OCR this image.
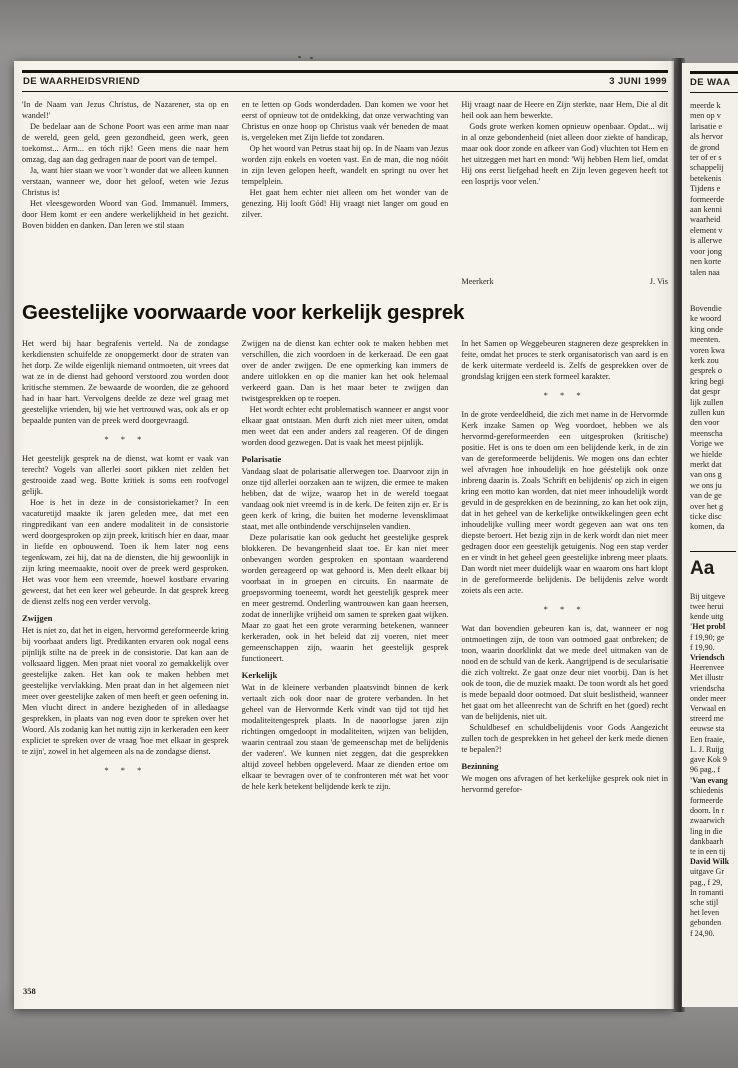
DE WAARHEIDSVRIEND	3 JUNI 1999

'In de Naam van Jezus Christus, de Nazarener, sta op en wandel!'

De bedelaar aan de Schone Poort was een arme man naar de wereld, geen geld, geen gezondheid, geen werk, geen toekomst... Arm... en tóch rijk! Geen mens die naar hem omzag, dag aan dag gedragen naar de poort van de tempel.

Ja, want hier staan we voor 't wonder dat we alleen kunnen verstaan, wanneer we, door het geloof, weten wie Jezus Christus is!

Het vleesgeworden Woord van God. Immanuël. Immers, door Hem komt er een andere werkelijkheid in het gezicht. Boven bidden en danken. Dan leren we stil staan

en te letten op Gods wonderdaden. Dan komen we voor het eerst of opnieuw tot de ontdekking, dat onze verwachting van Christus en onze hoop op Christus vaak vér beneden de maat is, vergeleken met Zijn liefde tot zondaren.

Op het woord van Petrus staat hij op. In de Naam van Jezus worden zijn enkels en voeten vast. En de man, die nog nóóit in zijn leven gelopen heeft, wandelt en springt nu over het tempelplein.

Het gaat hem echter niet alleen om het wonder van de genezing. Hij looft Gód! Hij vraagt niet langer om goud en zilver.

Hij vraagt naar de Heere en Zijn sterkte, naar Hem, Die al dit heil ook aan hem bewerkte.

Gods grote werken komen opnieuw openbaar. Opdat... wij in al onze gebondenheid (niet alleen door ziekte of handicap, maar ook door zonde en afkeer van God) vluchten tot Hem en het uitzeggen met hart en mond: 'Wij hebben Hem lief, omdat Hij ons eerst liefgehad heeft en Zijn leven gegeven heeft tot een losprijs voor velen.'

Meerkerk	J. Vis
Geestelijke voorwaarde voor kerkelijk gesprek

Het werd bij haar begrafenis verteld. Na de zondagse kerkdiensten schuifelde ze onopgemerkt door de straten van het dorp. Ze wilde eigenlijk niemand ontmoeten, uit vrees dat wat ze in de dienst had gehoord verstoord zou worden door kritische stemmen. Ze bewaarde de woorden, die ze gehoord had in haar hart. Vervolgens deelde ze deze wel graag met geestelijke vrienden, bij wie het vertrouwd was, ook als er op bepaalde punten van de preek werd doorgevraagd.

* * *

Het geestelijk gesprek na de dienst, wat komt er vaak van terecht? Vogels van allerlei soort pikken niet zelden het gestrooide zaad weg. Botte kritiek is soms een roofvogel gelijk.

Hoe is het in deze in de consistoriekamer? In een vacaturetijd maakte ik jaren geleden mee, dat met een ringpredikant van een andere modaliteit in de consistorie werd doorgesproken op zijn preek, kritisch hier en daar, maar in liefde en opbouwend. Toen ik hem later nog eens tegenkwam, zei hij, dat na de diensten, die hij gewoonlijk in zijn kring meemaakte, nooit over de preek werd gesproken. Het was voor hem een vreemde, hoewel kostbare ervaring geweest, dat het een keer wel gebeurde. In dat gesprek kreeg de dienst zelfs nog een verder vervolg.

Zwijgen

Het is niet zo, dat het in eigen, hervormd gereformeerde kring bij voorbaat anders ligt. Predikanten ervaren ook nogal eens pijnlijk stilte na de preek in de consistorie. Dat kan aan de volksaard liggen. Men praat niet vooral zo gemakkelijk over geestelijke zaken. Het kan ook te maken hebben met geestelijke vervlakking. Men praat dan in het algemeen niet meer over geestelijke zaken of men heeft er geen oefening in. Men vlucht direct in andere bezigheden of in alledaagse gesprekken, in plaats van nog even door te spreken over het Woord. Als zodanig kan het nuttig zijn in kerkeraden een keer expliciet te spreken over de vraag 'hoe met elkaar in gesprek te zijn', zowel in het algemeen als na de zondagse dienst.

* * *

Zwijgen na de dienst kan echter ook te maken hebben met verschillen, die zich voordoen in de kerkeraad. De een gaat over de ander zwijgen. De ene opmerking kan immers de andere uitlokken en op die manier kan het ook helemaal verkeerd gaan. Dan is het maar beter te zwijgen dan twistgesprekken op te roepen.

Het wordt echter echt problematisch wanneer er angst voor elkaar gaat ontstaan. Men durft zich niet meer uiten, omdat men weet dat een ander anders zal reageren. Of de dingen worden dood gezwegen. Dat is vaak het meest pijnlijk.

Polarisatie

Vandaag slaat de polarisatie allerwegen toe. Daarvoor zijn in onze tijd allerlei oorzaken aan te wijzen, die ermee te maken hebben, dat de wijze, waarop het in de wereld toegaat vandaag ook niet vreemd is in de kerk. De feiten zijn er. Er is geen kerk of kring, die buiten het moderne levensklimaat staat, met alle ontbindende verschijnselen vandien.

Deze polarisatie kan ook geducht het geestelijke gesprek blokkeren. De bevangenheid slaat toe. Er kan niet meer onbevangen worden gesproken en spontaan waarderend worden gereageerd op wat gehoord is. Men deelt elkaar bij voorbaat in in groepen en circuits. En naarmate de groepsvorming toeneemt, wordt het geestelijk gesprek meer en meer gestremd. Onderling wantrouwen kan gaan heersen, zodat de innerlijke vrijheid om samen te spreken gaat wijken. Maar zo gaat het een grote verarming betekenen, wanneer kerkeraden, ook in het beleid dat zij voeren, niet meer gemeenschappen zijn, waarin het geestelijk gesprek functioneert.

Kerkelijk

Wat in de kleinere verbanden plaatsvindt binnen de kerk vertaalt zich ook door naar de grotere verbanden. In het geheel van de Hervormde Kerk vindt van tijd tot tijd het modaliteitengesprek plaats. In de naoorlogse jaren zijn richtingen omgedoopt in modaliteiten, wijzen van belijden, waarin centraal zou staan 'de gemeenschap met de belijdenis der vaderen'. We kunnen niet zeggen, dat die gesprekken altijd zoveel hebben opgeleverd. Maar ze dienden ertoe om elkaar te bevragen over of te confronteren mét wat het voor de hele kerk betekent belijdende kerk te zijn.

In het Samen op Weggebeuren stagneren deze gesprekken in feite, omdat het proces te sterk organisatorisch van aard is en de kerk uitermate verdeeld is. Zelfs de gesprekken over de grondslag krijgen een sterk formeel karakter.

* * *

In de grote verdeeldheid, die zich met name in de Hervormde Kerk inzake Samen op Weg voordoet, hebben we als hervormd-gereformeerden een uitgesproken (kritische) positie. Het is ons te doen om een belijdende kerk, in de zin van de gereformeerde belijdenis. We mogen ons dan echter wel afvragen hoe inhoudelijk en hoe gééstelijk ook onze inbreng daarin is. Zoals 'Schrift en belijdenis' op zich in eigen kring een motto kan worden, dat niet meer inhoudelijk wordt gevuld in de gesprekken en de bezinning, zo kan het ook zijn, dat in het geheel van de kerkelijke ontwikkelingen geen echt inhoudelijke vulling meer wordt gegeven aan wat ons ten diepste beroert. Het bezig zijn in de kerk wordt dan niet meer gedragen door een geestelijk getuigenis. Nog een stap verder en er vindt in het geheel geen geestelijke inbreng meer plaats. Dan wordt niet meer duidelijk waar en waarom ons hart klopt in de gereformeerde belijdenis. De belijdenis zelve wordt zoiets als een acte.

* * *

Wat dan bovendien gebeuren kan is, dat, wanneer er nog ontmoetingen zijn, de toon van ootmoed gaat ontbreken; de toon, waarin doorklinkt dat we mede deel uitmaken van de nood en de schuld van de kerk. Aangrijpend is de secularisatie die zich voltrekt. Ze gaat onze deur niet voorbij. Dan is het ook de toon, die de muziek maakt. De toon wordt als het goed is mede bepaald door ootmoed. Dat sluit beslistheid, wanneer het gaat om het alleenrecht van de Schrift en het (goed) recht van de belijdenis, niet uit.

Schuldbesef en schuldbelijdenis voor Gods Aangezicht zullen toch de gesprekken in het geheel der kerk mede dienen te bepalen?!

Bezinning

We mogen ons afvragen of het kerkelijke gesprek ook niet in hervormd gerefor-

358
DE WAA

meerde k

men op v

larisatie e

als hervor

de grond

ter of er s

schappelij

betekenis

Tijdens e

formeerde

aan kenni

waarheid

element v

is allerwe

voor jong

nen korte

talen naa

Bovendie

ke woord

king onde

meenten.

voren kwa

kerk zou

gesprek o

kring begi

dat gespr

lijk zullen

zullen kun

den voor

meenscha

Vorige we

we hielde

merkt dat

van ons g

we ons ju

van de ge

over het g

ticke disc

komen, da

Aa

Bij uitgeve

twee herui

kende uitg

'Het probl

f 19,90; ge

f 19,90.

Vriendsch

Heerenvee

Met illustr

vriendscha

onder meer

Verwaal en

streerd me

eeuwse sta

Een fraaie,

L. J. Ruijg

gave Kok 9

96 pag., f

'Van evang

schiedenis

formeerde

doorn. In r

zwaarwich

ling in die

dankbaarh

te in een tij

David Wilk

uitgave Gr

pag., f 29,

In romanti

sche stijl

het leven

gebonden

f 24,90.
